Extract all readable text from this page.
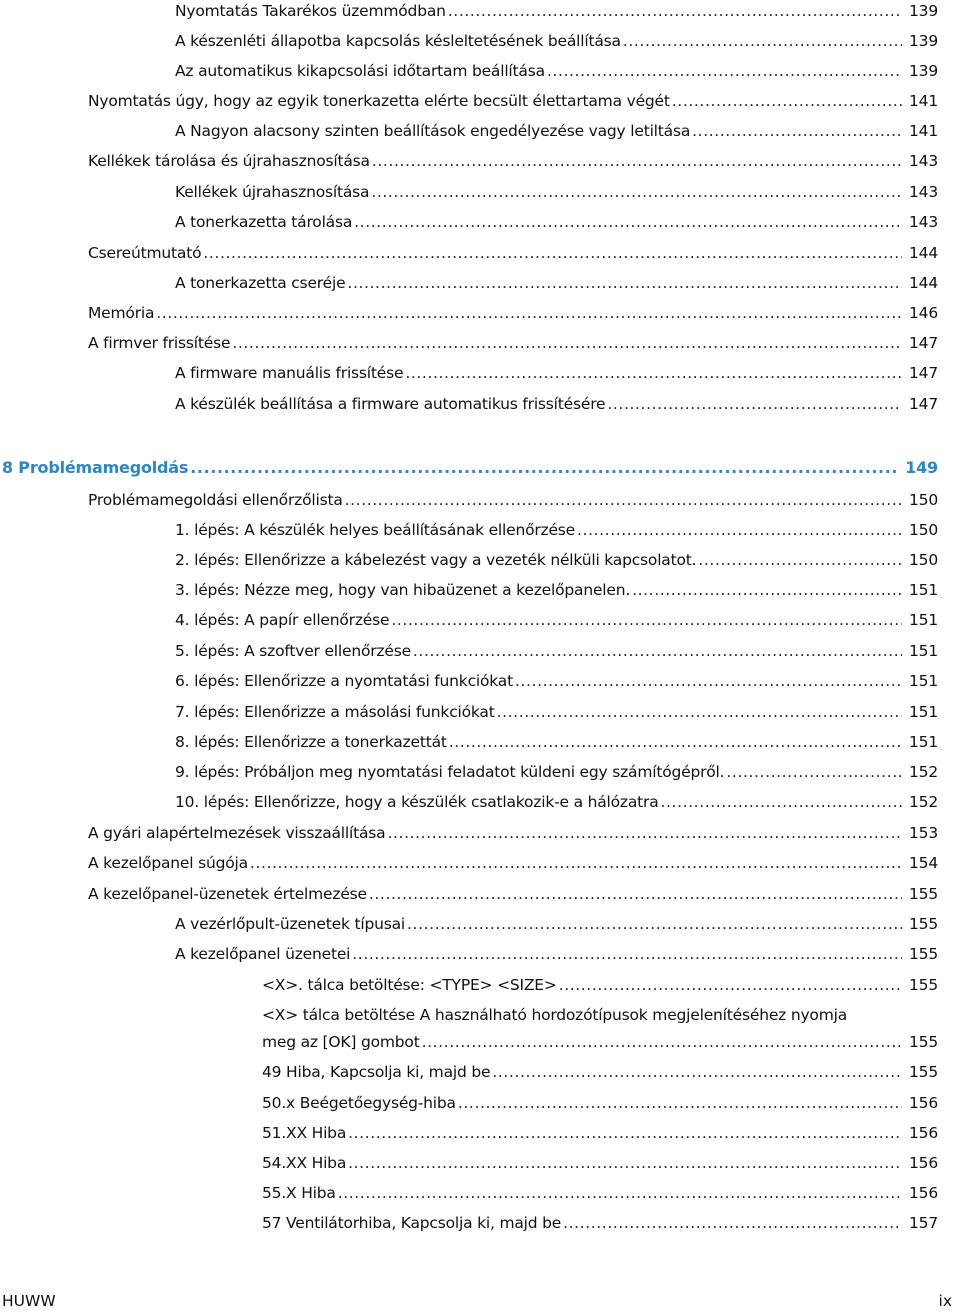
Nyomtatás Takarékos üzemmódban .....	139
A készenléti állapotba kapcsolás késleltetésének beállítása .....	139
Az automatikus kikapcsolási időtartam beállítása .....	139
Nyomtatás úgy, hogy az egyik tonerkazetta elérte becsült élettartama végét .....	141
A Nagyon alacsony szinten beállítások engedélyezése vagy letiltása .....	141
Kellékek tárolása és újrahasznosítása .....	143
Kellékek újrahasznosítása .....	143
A tonerkazetta tárolása .....	143
Csereútmutató .....	144
A tonerkazetta cseréje .....	144
Memória .....	146
A firmver frissítése .....	147
A firmware manuális frissítése .....	147
A készülék beállítása a firmware automatikus frissítésére .....	147
8 Problémamegoldás .....	149
Problémamegoldási ellenőrzőlista .....	150
1. lépés: A készülék helyes beállításának ellenőrzése .....	150
2. lépés: Ellenőrizze a kábelezést vagy a vezeték nélküli kapcsolatot. .....	150
3. lépés: Nézze meg, hogy van hibaüzenet a kezelőpanelen. .....	151
4. lépés: A papír ellenőrzése .....	151
5. lépés: A szoftver ellenőrzése .....	151
6. lépés: Ellenőrizze a nyomtatási funkciókat .....	151
7. lépés: Ellenőrizze a másolási funkciókat .....	151
8. lépés: Ellenőrizze a tonerkazettát .....	151
9. lépés: Próbáljon meg nyomtatási feladatot küldeni egy számítógépről. .....	152
10. lépés: Ellenőrizze, hogy a készülék csatlakozik-e a hálózatra .....	152
A gyári alapértelmezések visszaállítása .....	153
A kezelőpanel súgója .....	154
A kezelőpanel-üzenetek értelmezése .....	155
A vezérlőpult-üzenetek típusai .....	155
A kezelőpanel üzenetei .....	155
<X>. tálca betöltése: <TYPE> <SIZE> .....	155
<X> tálca betöltése A használható hordozótípusok megjelenítéséhez nyomja
meg az [OK] gombot .....	155
49 Hiba, Kapcsolja ki, majd be .....	155
50.x Beégetőegység-hiba .....	156
51.XX Hiba .....	156
54.XX Hiba .....	156
55.X Hiba .....	156
57 Ventilátorhiba, Kapcsolja ki, majd be .....	157
HUWW	ix
